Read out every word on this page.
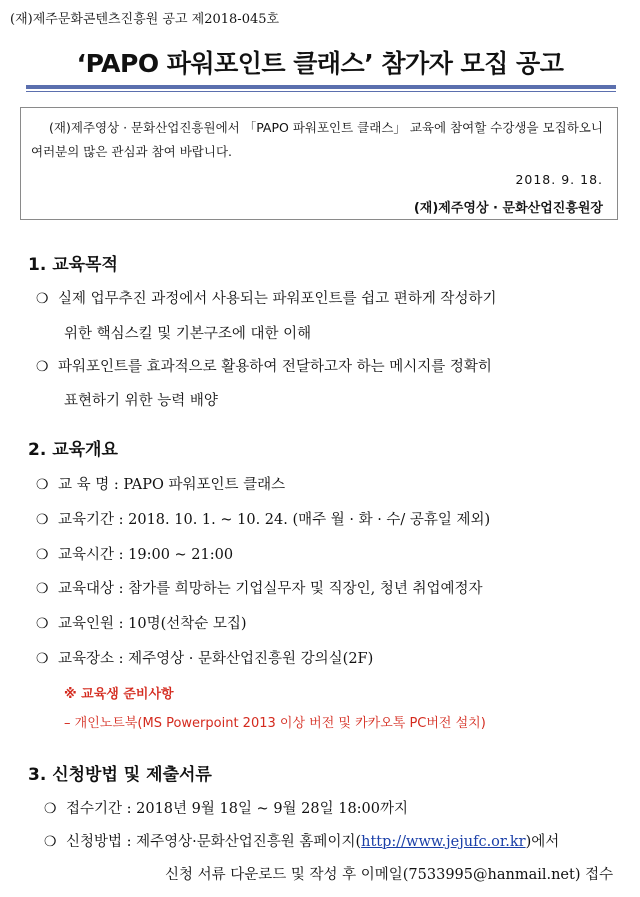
(재)제주문화콘텐츠진흥원 공고 제2018-045호
‘PAPO 파워포인트 클래스’ 참가자 모집 공고
(재)제주영상 · 문화산업진흥원에서 「PAPO 파워포인트 클래스」 교육에 참여할 수강생을 모집하오니 여러분의 많은 관심과 참여 바랍니다.
2018. 9. 18.
(재)제주영상 · 문화산업진흥원장
1. 교육목적
❍ 실제 업무추진 과정에서 사용되는 파워포인트를 쉽고 편하게 작성하기
위한 핵심스킬 및 기본구조에 대한 이해
❍ 파워포인트를 효과적으로 활용하여 전달하고자 하는 메시지를 정확히
표현하기 위한 능력 배양
2. 교육개요
❍ 교 육 명 : PAPO 파워포인트 클래스
❍ 교육기간 : 2018. 10. 1. ~ 10. 24. (매주 월 · 화 · 수/ 공휴일 제외)
❍ 교육시간 : 19:00 ~ 21:00
❍ 교육대상 : 참가를 희망하는 기업실무자 및 직장인, 청년 취업예정자
❍ 교육인원 : 10명(선착순 모집)
❍ 교육장소 : 제주영상 · 문화산업진흥원 강의실(2F)
※ 교육생 준비사항
– 개인노트북(MS Powerpoint 2013 이상 버전 및 카카오톡 PC버전 설치)
3. 신청방법 및 제출서류
❍ 접수기간 : 2018년 9월 18일 ~ 9월 28일 18:00까지
❍ 신청방법 : 제주영상·문화산업진흥원 홈페이지(http://www.jejufc.or.kr)에서
신청 서류 다운로드 및 작성 후 이메일(7533995@hanmail.net) 접수
